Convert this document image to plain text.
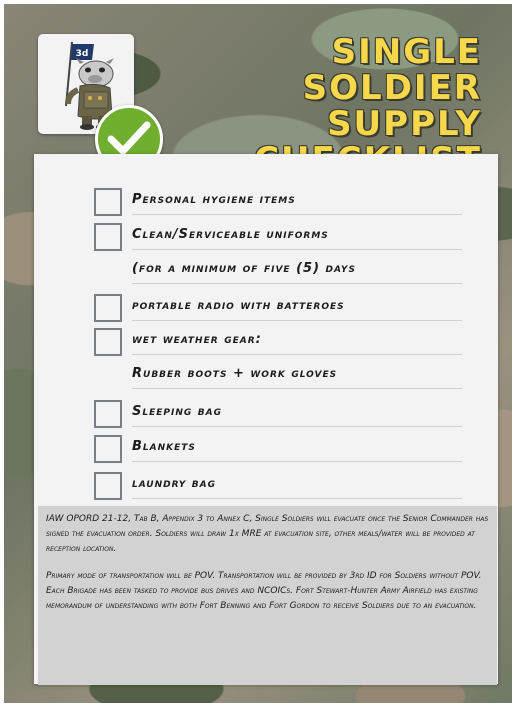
3d	SINGLE SOLDIER
SUPPLY

Personal hygiene items
Clean/Serviceable uniforms
(for a minimum of five (5) days
portable radio with batteroes
wet weather gear:
Rubber boots + work gloves
Sleeping bag
Blankets
laundry bag

IAW OPORD 21-12, Tab B, Appendix 3 to Annex C, Single Soldiers will evacuate once the Senior Commander has signed the evacuation order. Soldiers will draw 1x MRE at evacuation site, other meals/water will be provided at reception location.

Primary mode of transportation will be POV. Transportation will be provided by 3rd ID for Soldiers without POV. Each Brigade has been tasked to provide bus drives and NCOICs. Fort Stewart-Hunter Army Airfield has existing memorandum of understanding with both Fort Benning and Fort Gordon to receive Soldiers due to an evacuation.
